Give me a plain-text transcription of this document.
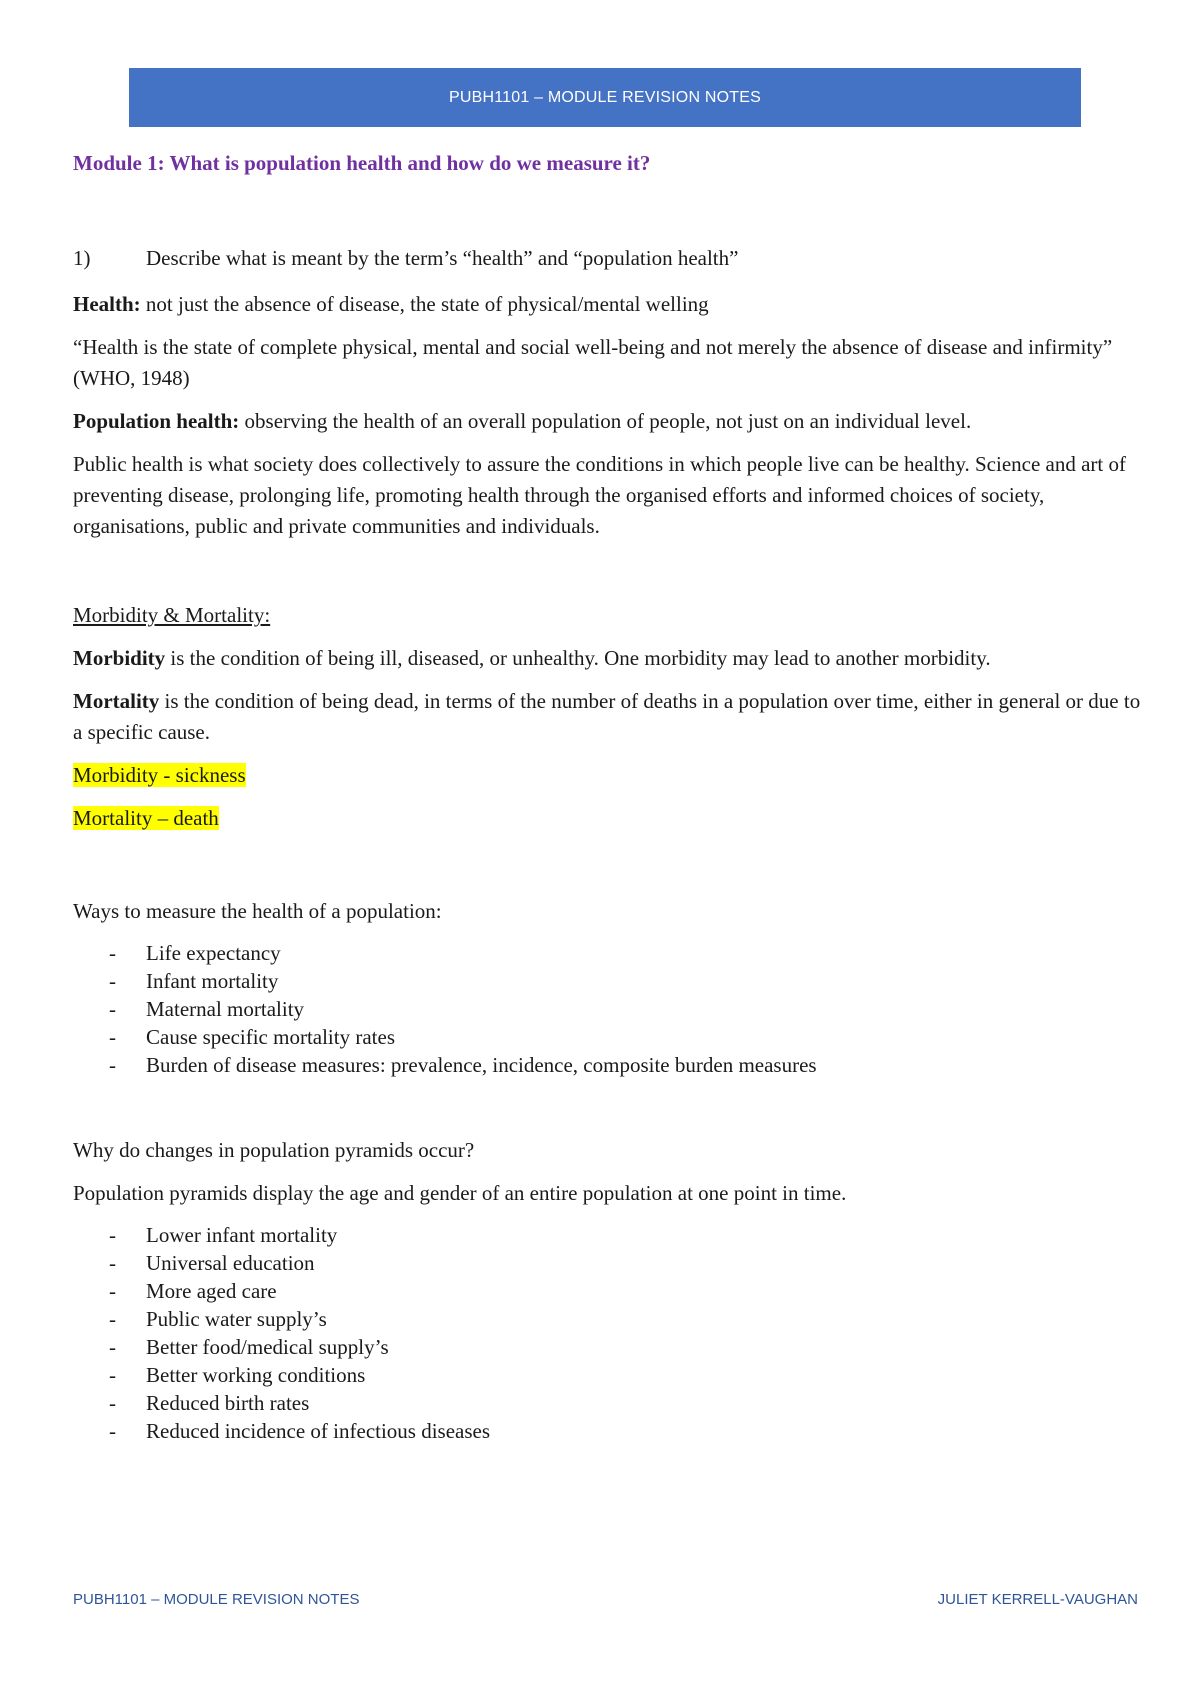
PUBH1101 – MODULE REVISION NOTES

Module 1: What is population health and how do we measure it?

1)	Describe what is meant by the term’s “health” and “population health”

Health: not just the absence of disease, the state of physical/mental welling

“Health is the state of complete physical, mental and social well-being and not merely the absence of disease and infirmity” (WHO, 1948)

Population health: observing the health of an overall population of people, not just on an individual level.

Public health is what society does collectively to assure the conditions in which people live can be healthy. Science and art of preventing disease, prolonging life, promoting health through the organised efforts and informed choices of society, organisations, public and private communities and individuals.

Morbidity & Mortality:

Morbidity is the condition of being ill, diseased, or unhealthy. One morbidity may lead to another morbidity.

Mortality is the condition of being dead, in terms of the number of deaths in a population over time, either in general or due to a specific cause.

Morbidity - sickness

Mortality – death

Ways to measure the health of a population:

-	Life expectancy
-	Infant mortality
-	Maternal mortality
-	Cause specific mortality rates
-	Burden of disease measures: prevalence, incidence, composite burden measures

Why do changes in population pyramids occur?

Population pyramids display the age and gender of an entire population at one point in time.

-	Lower infant mortality
-	Universal education
-	More aged care
-	Public water supply’s
-	Better food/medical supply’s
-	Better working conditions
-	Reduced birth rates
-	Reduced incidence of infectious diseases
PUBH1101 – MODULE REVISION NOTES	JULIET KERRELL-VAUGHAN
